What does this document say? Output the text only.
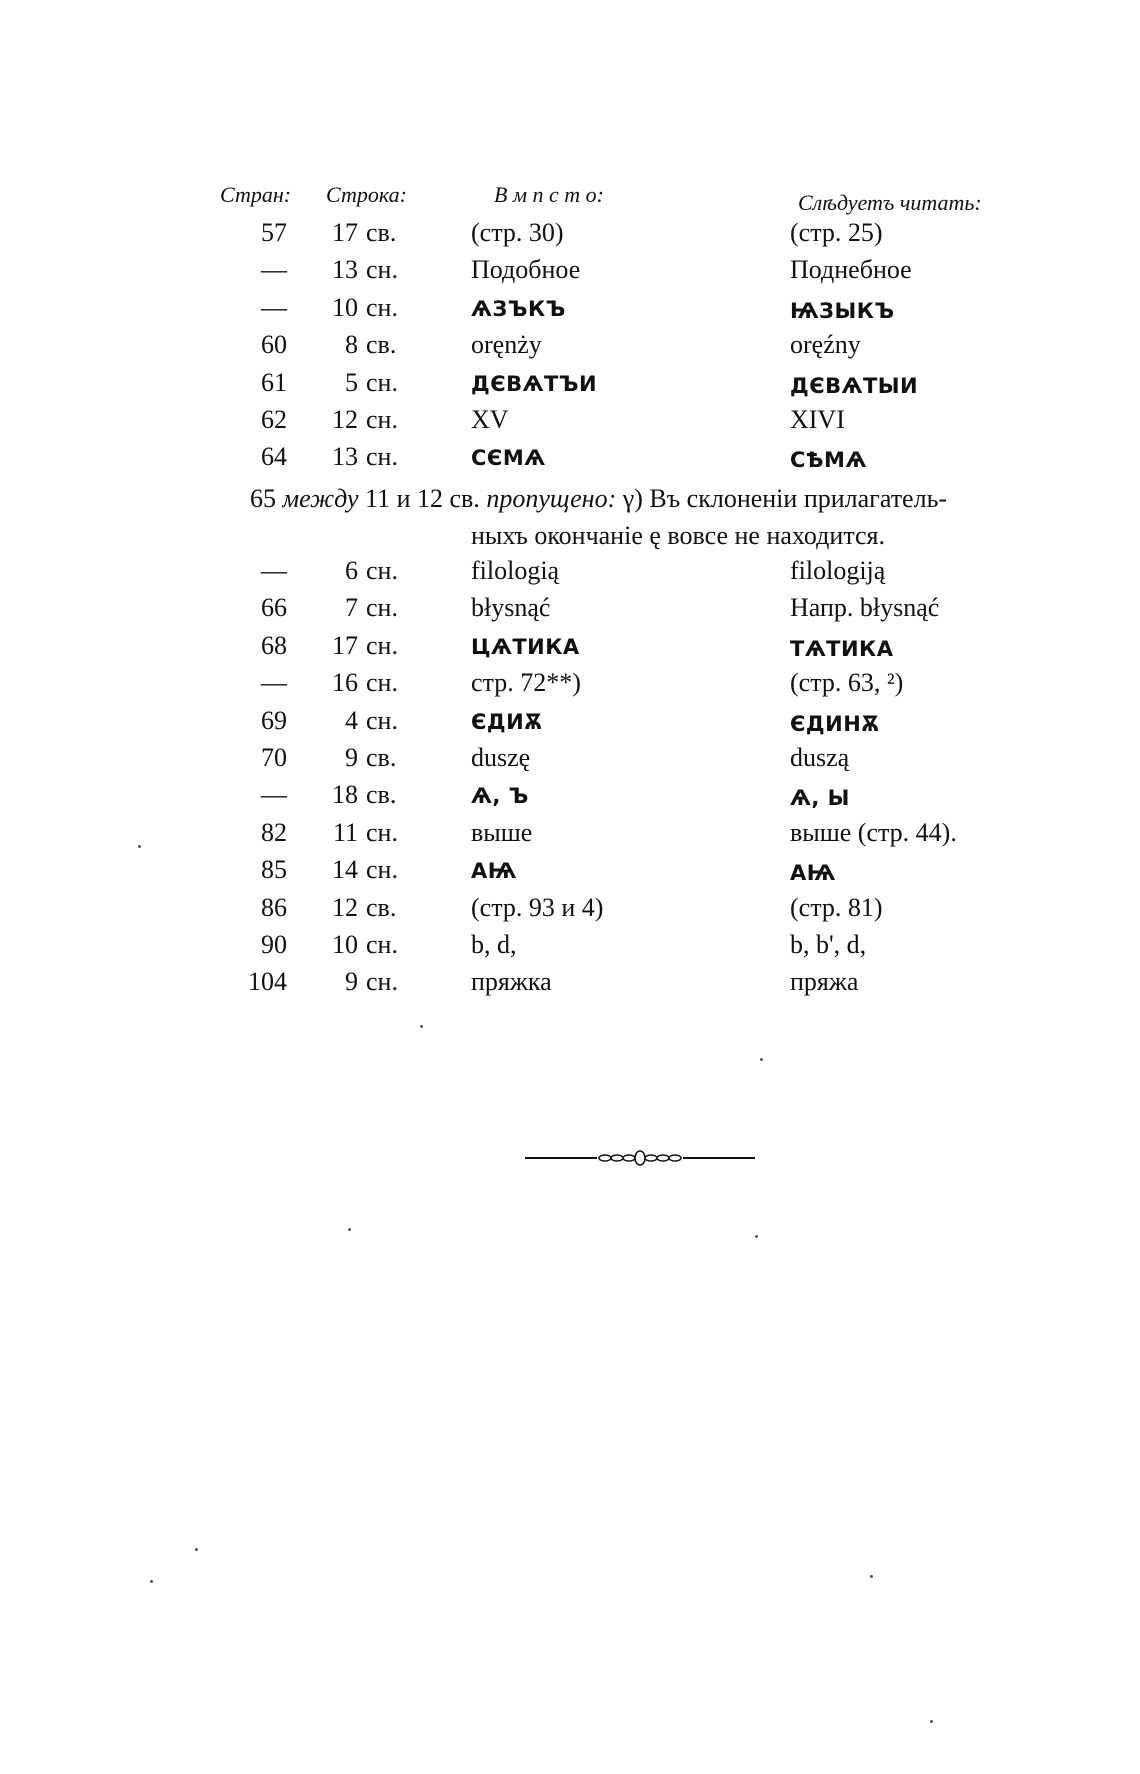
Стран: Строка:	В м п с т о:	Слѣдуетъ читать:
57	17 св.	(стр. 30)	(стр. 25)
—	13 сн.	Подобное	Поднебное
—	10 сн.	ѦЗЪКЪ	ѨЗЫКЪ
60	8 св.	oręnży	oręźny
61	5 сн.	ДЄВѦТЪИ	ДЄВѦТЫИ
62	12 сн.	XV	XIVI
64	13 сн.	СЄМѦ	СѢМѦ
65 между 11 и 12 св. пропущено: γ) Въ склоненіи прилагатель-
ныхъ окончаніе ę вовсе не находится.
—	6 сн.	filologią	filologiją
66	7 сн.	błysnąć	Напр. błysnąć
68	17 сн.	ЦѦТИКА	ТѦТИКА
—	16 сн.	стр. 72**)	(стр. 63, ²)
69	4 сн.	ЄДИѪ	ЄДИНѪ
70	9 св.	duszę	duszą
—	18 св.	Ѧ, Ъ	Ѧ, Ы
82	11 сн.	выше	выше (стр. 44).
85	14 сн.	АѨ	АѨ
86	12 св.	(стр. 93 и 4)	(стр. 81)
90	10 сн.	b, d,	b, b', d,
104	9 сн.	пряжка	пряжа
